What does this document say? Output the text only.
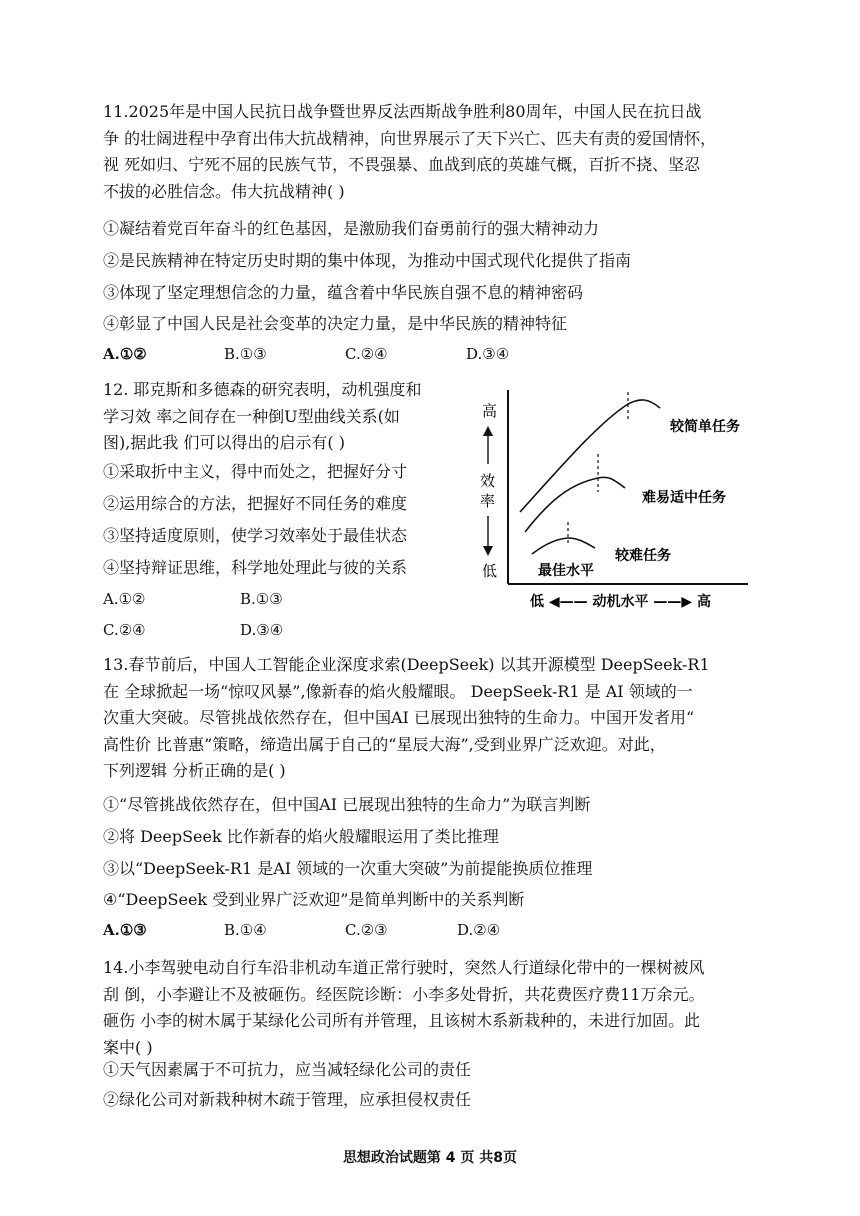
11.2025年是中国人民抗日战争暨世界反法西斯战争胜利80周年，中国人民在抗日战
争 的壮阔进程中孕育出伟大抗战精神，向世界展示了天下兴亡、匹夫有责的爱国情怀，
视 死如归、宁死不屈的民族气节，不畏强暴、血战到底的英雄气概，百折不挠、坚忍
不拔的必胜信念。伟大抗战精神( )
①凝结着党百年奋斗的红色基因，是激励我们奋勇前行的强大精神动力
②是民族精神在特定历史时期的集中体现，为推动中国式现代化提供了指南
③体现了坚定理想信念的力量，蕴含着中华民族自强不息的精神密码
④彰显了中国人民是社会变革的决定力量，是中华民族的精神特征
A.①②	B.①③	C.②④	D.③④
12. 耶克斯和多德森的研究表明，动机强度和
学习效 率之间存在一种倒U型曲线关系(如
图),据此我 们可以得出的启示有( )
①采取折中主义，得中而处之，把握好分寸
②运用综合的方法，把握好不同任务的难度
③坚持适度原则，使学习效率处于最佳状态
④坚持辩证思维，科学地处理此与彼的关系
A.①②	B.①③
C.②④	D.③④
高
效
率
低
较简单任务
难易适中任务
较难任务
最佳水平
低 ◀—— 动机水平 ——▶ 高
13.春节前后，中国人工智能企业深度求索(DeepSeek) 以其开源模型 DeepSeek-R1
在 全球掀起一场“惊叹风暴”,像新春的焰火般耀眼。 DeepSeek-R1 是 AI 领域的一
次重大突破。尽管挑战依然存在，但中国AI 已展现出独特的生命力。中国开发者用“
高性价 比普惠”策略，缔造出属于自己的“星辰大海”,受到业界广泛欢迎。对此，
下列逻辑 分析正确的是( )
①“尽管挑战依然存在，但中国AI 已展现出独特的生命力”为联言判断
②将 DeepSeek 比作新春的焰火般耀眼运用了类比推理
③以“DeepSeek-R1 是AI 领域的一次重大突破”为前提能换质位推理
④“DeepSeek 受到业界广泛欢迎”是简单判断中的关系判断
A.①③	B.①④	C.②③	D.②④
14.小李驾驶电动自行车沿非机动车道正常行驶时，突然人行道绿化带中的一棵树被风
刮 倒，小李避让不及被砸伤。经医院诊断：小李多处骨折，共花费医疗费11万余元。
砸伤 小李的树木属于某绿化公司所有并管理，且该树木系新栽种的，未进行加固。此
案中( )
①天气因素属于不可抗力，应当减轻绿化公司的责任
②绿化公司对新栽种树木疏于管理，应承担侵权责任
思想政治试题第 4 页 共8页
